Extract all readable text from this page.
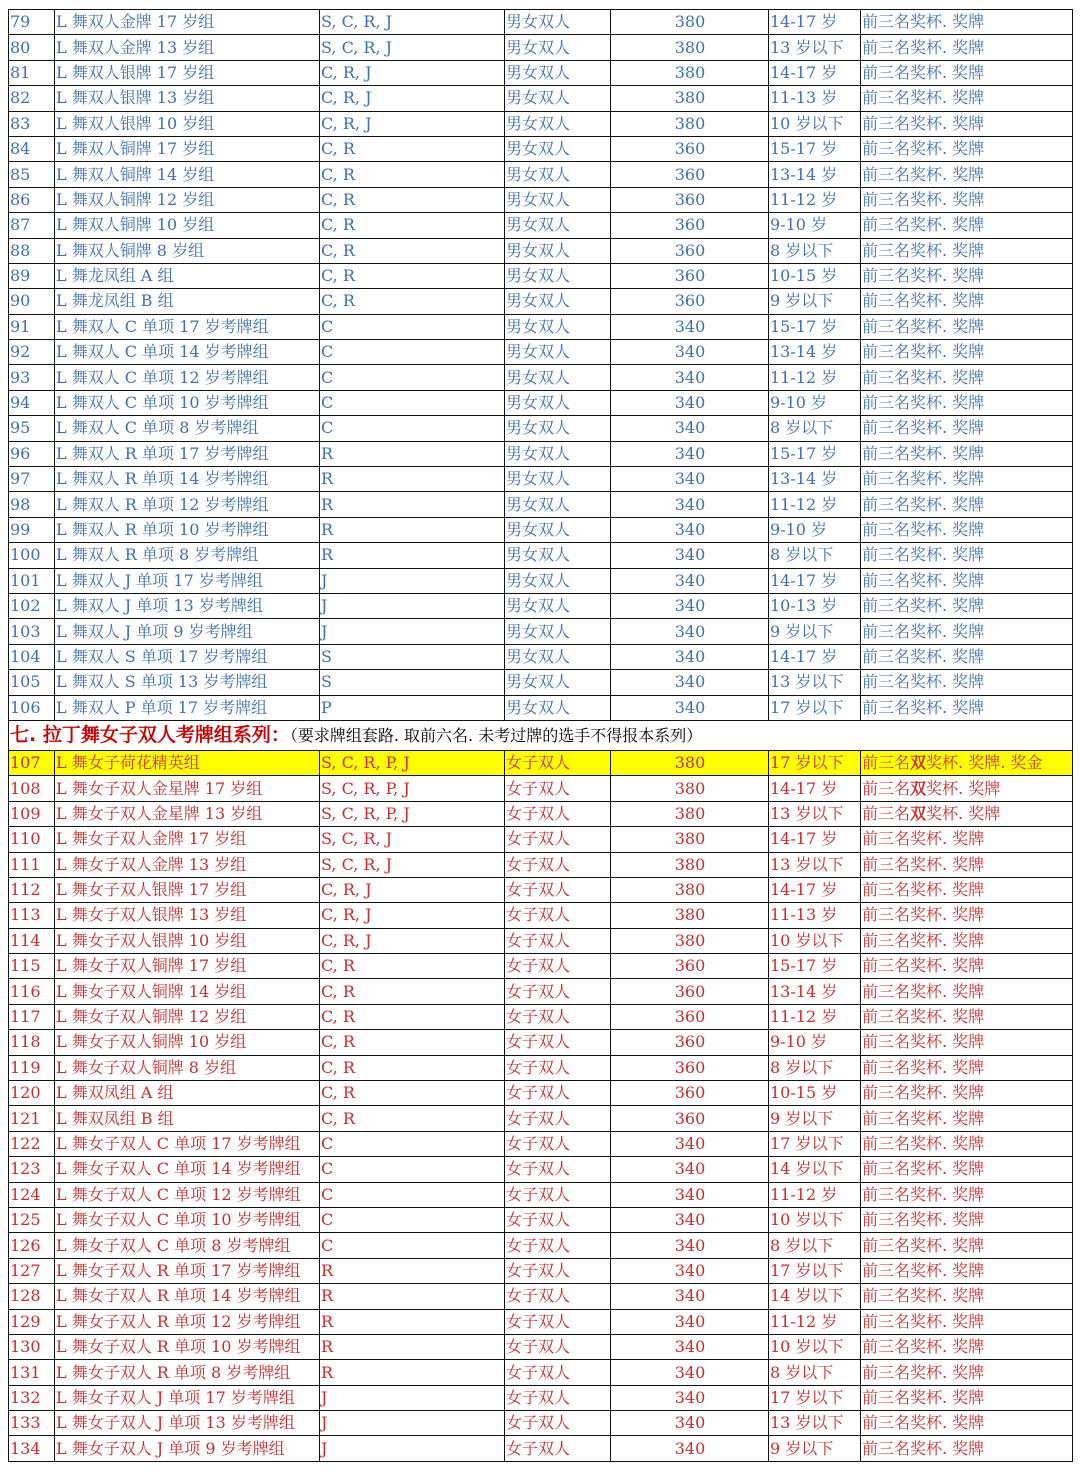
79	L 舞双人金牌 17 岁组	S, C, R, J	男女双人	380	14-17 岁	前三名奖杯. 奖牌
80	L 舞双人金牌 13 岁组	S, C, R, J	男女双人	380	13 岁以下	前三名奖杯. 奖牌
81	L 舞双人银牌 17 岁组	C, R, J	男女双人	380	14-17 岁	前三名奖杯. 奖牌
82	L 舞双人银牌 13 岁组	C, R, J	男女双人	380	11-13 岁	前三名奖杯. 奖牌
83	L 舞双人银牌 10 岁组	C, R, J	男女双人	380	10 岁以下	前三名奖杯. 奖牌
84	L 舞双人铜牌 17 岁组	C, R	男女双人	360	15-17 岁	前三名奖杯. 奖牌
85	L 舞双人铜牌 14 岁组	C, R	男女双人	360	13-14 岁	前三名奖杯. 奖牌
86	L 舞双人铜牌 12 岁组	C, R	男女双人	360	11-12 岁	前三名奖杯. 奖牌
87	L 舞双人铜牌 10 岁组	C, R	男女双人	360	9-10 岁	前三名奖杯. 奖牌
88	L 舞双人铜牌 8 岁组	C, R	男女双人	360	8 岁以下	前三名奖杯. 奖牌
89	L 舞龙凤组 A 组	C, R	男女双人	360	10-15 岁	前三名奖杯. 奖牌
90	L 舞龙凤组 B 组	C, R	男女双人	360	9 岁以下	前三名奖杯. 奖牌
91	L 舞双人 C 单项 17 岁考牌组	C	男女双人	340	15-17 岁	前三名奖杯. 奖牌
92	L 舞双人 C 单项 14 岁考牌组	C	男女双人	340	13-14 岁	前三名奖杯. 奖牌
93	L 舞双人 C 单项 12 岁考牌组	C	男女双人	340	11-12 岁	前三名奖杯. 奖牌
94	L 舞双人 C 单项 10 岁考牌组	C	男女双人	340	9-10 岁	前三名奖杯. 奖牌
95	L 舞双人 C 单项 8 岁考牌组	C	男女双人	340	8 岁以下	前三名奖杯. 奖牌
96	L 舞双人 R 单项 17 岁考牌组	R	男女双人	340	15-17 岁	前三名奖杯. 奖牌
97	L 舞双人 R 单项 14 岁考牌组	R	男女双人	340	13-14 岁	前三名奖杯. 奖牌
98	L 舞双人 R 单项 12 岁考牌组	R	男女双人	340	11-12 岁	前三名奖杯. 奖牌
99	L 舞双人 R 单项 10 岁考牌组	R	男女双人	340	9-10 岁	前三名奖杯. 奖牌
100	L 舞双人 R 单项 8 岁考牌组	R	男女双人	340	8 岁以下	前三名奖杯. 奖牌
101	L 舞双人 J 单项 17 岁考牌组	J	男女双人	340	14-17 岁	前三名奖杯. 奖牌
102	L 舞双人 J 单项 13 岁考牌组	J	男女双人	340	10-13 岁	前三名奖杯. 奖牌
103	L 舞双人 J 单项 9 岁考牌组	J	男女双人	340	9 岁以下	前三名奖杯. 奖牌
104	L 舞双人 S 单项 17 岁考牌组	S	男女双人	340	14-17 岁	前三名奖杯. 奖牌
105	L 舞双人 S 单项 13 岁考牌组	S	男女双人	340	13 岁以下	前三名奖杯. 奖牌
106	L 舞双人 P 单项 17 岁考牌组	P	男女双人	340	17 岁以下	前三名奖杯. 奖牌
七. 拉丁舞女子双人考牌组系列：（要求牌组套路. 取前六名. 未考过牌的选手不得报本系列）						
107	L 舞女子荷花精英组	S, C, R, P, J	女子双人	380	17 岁以下	前三名双奖杯. 奖牌. 奖金
108	L 舞女子双人金星牌 17 岁组	S, C, R, P, J	女子双人	380	14-17 岁	前三名双奖杯. 奖牌
109	L 舞女子双人金星牌 13 岁组	S, C, R, P, J	女子双人	380	13 岁以下	前三名双奖杯. 奖牌
110	L 舞女子双人金牌 17 岁组	S, C, R, J	女子双人	380	14-17 岁	前三名奖杯. 奖牌
111	L 舞女子双人金牌 13 岁组	S, C, R, J	女子双人	380	13 岁以下	前三名奖杯. 奖牌
112	L 舞女子双人银牌 17 岁组	C, R, J	女子双人	380	14-17 岁	前三名奖杯. 奖牌
113	L 舞女子双人银牌 13 岁组	C, R, J	女子双人	380	11-13 岁	前三名奖杯. 奖牌
114	L 舞女子双人银牌 10 岁组	C, R, J	女子双人	380	10 岁以下	前三名奖杯. 奖牌
115	L 舞女子双人铜牌 17 岁组	C, R	女子双人	360	15-17 岁	前三名奖杯. 奖牌
116	L 舞女子双人铜牌 14 岁组	C, R	女子双人	360	13-14 岁	前三名奖杯. 奖牌
117	L 舞女子双人铜牌 12 岁组	C, R	女子双人	360	11-12 岁	前三名奖杯. 奖牌
118	L 舞女子双人铜牌 10 岁组	C, R	女子双人	360	9-10 岁	前三名奖杯. 奖牌
119	L 舞女子双人铜牌 8 岁组	C, R	女子双人	360	8 岁以下	前三名奖杯. 奖牌
120	L 舞双凤组 A 组	C, R	女子双人	360	10-15 岁	前三名奖杯. 奖牌
121	L 舞双凤组 B 组	C, R	女子双人	360	9 岁以下	前三名奖杯. 奖牌
122	L 舞女子双人 C 单项 17 岁考牌组	C	女子双人	340	17 岁以下	前三名奖杯. 奖牌
123	L 舞女子双人 C 单项 14 岁考牌组	C	女子双人	340	14 岁以下	前三名奖杯. 奖牌
124	L 舞女子双人 C 单项 12 岁考牌组	C	女子双人	340	11-12 岁	前三名奖杯. 奖牌
125	L 舞女子双人 C 单项 10 岁考牌组	C	女子双人	340	10 岁以下	前三名奖杯. 奖牌
126	L 舞女子双人 C 单项 8 岁考牌组	C	女子双人	340	8 岁以下	前三名奖杯. 奖牌
127	L 舞女子双人 R 单项 17 岁考牌组	R	女子双人	340	17 岁以下	前三名奖杯. 奖牌
128	L 舞女子双人 R 单项 14 岁考牌组	R	女子双人	340	14 岁以下	前三名奖杯. 奖牌
129	L 舞女子双人 R 单项 12 岁考牌组	R	女子双人	340	11-12 岁	前三名奖杯. 奖牌
130	L 舞女子双人 R 单项 10 岁考牌组	R	女子双人	340	10 岁以下	前三名奖杯. 奖牌
131	L 舞女子双人 R 单项 8 岁考牌组	R	女子双人	340	8 岁以下	前三名奖杯. 奖牌
132	L 舞女子双人 J 单项 17 岁考牌组	J	女子双人	340	17 岁以下	前三名奖杯. 奖牌
133	L 舞女子双人 J 单项 13 岁考牌组	J	女子双人	340	13 岁以下	前三名奖杯. 奖牌
134	L 舞女子双人 J 单项 9 岁考牌组	J	女子双人	340	9 岁以下	前三名奖杯. 奖牌
